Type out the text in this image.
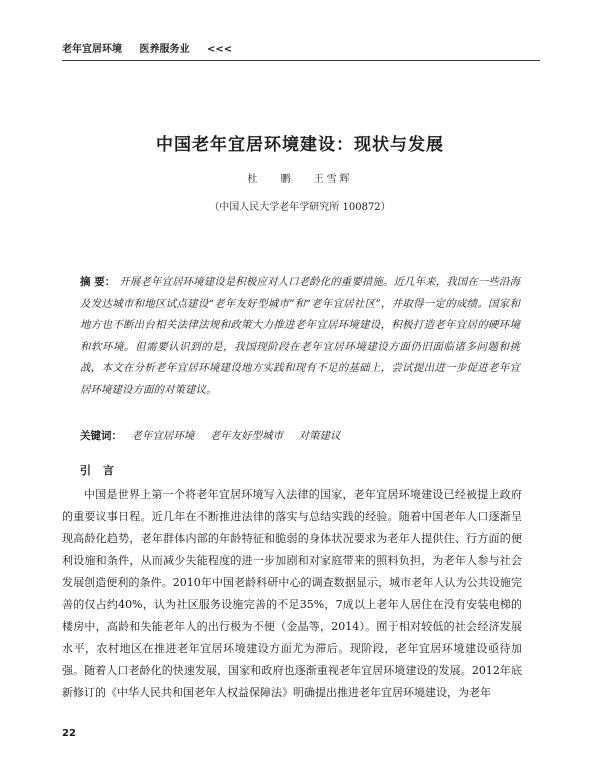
老年宜居环境 医养服务业 <<<
中国老年宜居环境建设：现状与发展
杜 鹏 王雪辉
（中国人民大学老年学研究所 100872）
摘 要： 开展老年宜居环境建设是积极应对人口老龄化的重要措施。近几年来，我国在一些沿海及发达城市和地区试点建设“老年友好型城市”和“老年宜居社区”，并取得一定的成绩。国家和地方也不断出台相关法律法规和政策大力推进老年宜居环境建设，积极打造老年宜居的硬环境和软环境。但需要认识到的是，我国现阶段在老年宜居环境建设方面仍旧面临诸多问题和挑战，本文在分析老年宜居环境建设地方实践和现有不足的基础上，尝试提出进一步促进老年宜居环境建设方面的对策建议。
关键词： 老年宜居环境 老年友好型城市 对策建议
引 言
中国是世界上第一个将老年宜居环境写入法律的国家，老年宜居环境建设已经被提上政府的重要议事日程。近几年在不断推进法律的落实与总结实践的经验。随着中国老年人口逐渐呈现高龄化趋势，老年群体内部的年龄特征和脆弱的身体状况要求为老年人提供住、行方面的便利设施和条件，从而减少失能程度的进一步加剧和对家庭带来的照料负担，为老年人参与社会发展创造便利的条件。2010年中国老龄科研中心的调查数据显示，城市老年人认为公共设施完善的仅占约40%，认为社区服务设施完善的不足35%，7成以上老年人居住在没有安装电梯的楼房中，高龄和失能老年人的出行极为不便（金晶等，2014）。囿于相对较低的社会经济发展水平，农村地区在推进老年宜居环境建设方面尤为滞后。现阶段，老年宜居环境建设亟待加强。随着人口老龄化的快速发展，国家和政府也逐渐重视老年宜居环境建设的发展。2012年底新修订的《中华人民共和国老年人权益保障法》明确提出推进老年宜居环境建设，为老年
22
